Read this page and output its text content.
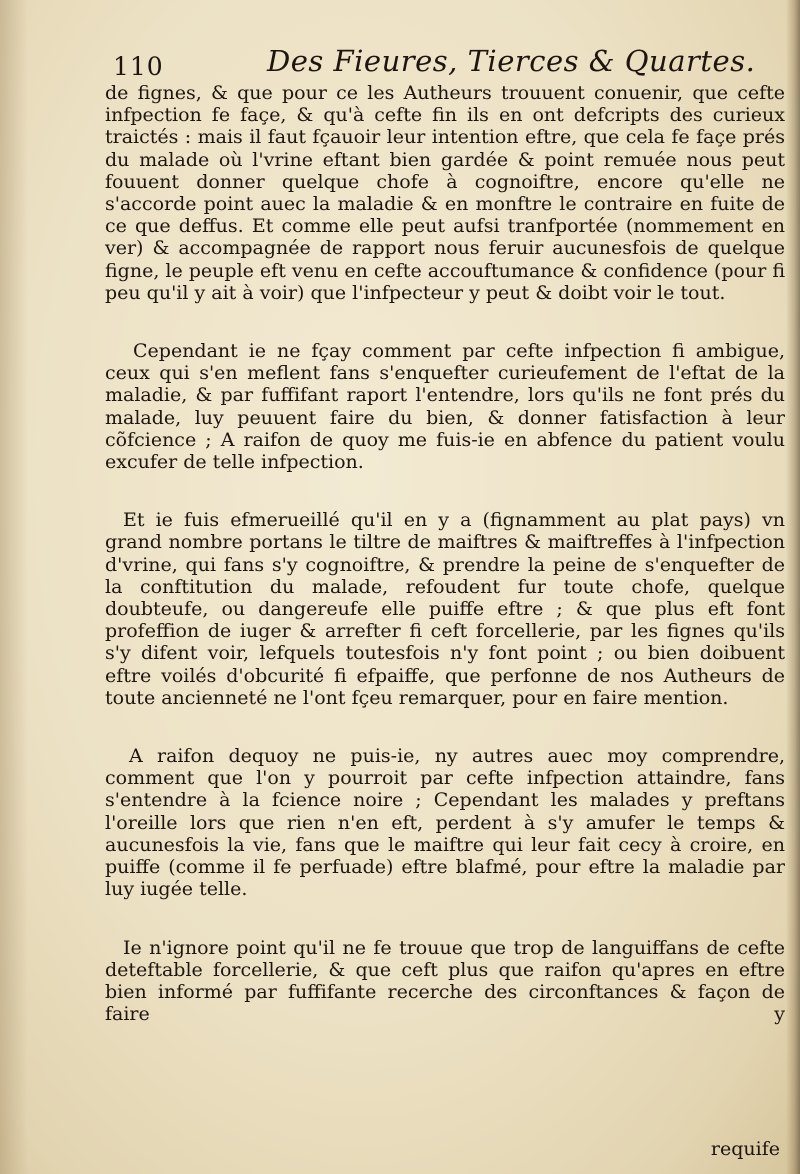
110	Des Fieures, Tierces & Quartes.

de fignes, & que pour ce les Autheurs trouuent conuenir, que cefte infpection fe façe, & qu'à cefte fin ils en ont defcripts des curieux traictés : mais il faut fçauoir leur intention eftre, que cela fe façe prés du malade où l'vrine eftant bien gardée & point remuée nous peut fouuent donner quelque chofe à cognoiftre, encore qu'elle ne s'accorde point auec la maladie & en monftre le contraire en fuite de ce que deffus. Et comme elle peut aufsi tranfportée (nommement en ver) & accompagnée de rapport nous feruir aucunesfois de quelque figne, le peuple eft venu en cefte accouftumance & confidence (pour fi peu qu'il y ait à voir) que l'infpecteur y peut & doibt voir le tout.

Cependant ie ne fçay comment par cefte infpection fi ambigue, ceux qui s'en meflent fans s'enquefter curieufement de l'eftat de la maladie, & par fuffifant raport l'entendre, lors qu'ils ne font prés du malade, luy peuuent faire du bien, & donner fatisfaction à leur cõfcience ; A raifon de quoy me fuis-ie en abfence du patient voulu excufer de telle infpection.

Et ie fuis efmerueillé qu'il en y a (fignamment au plat pays) vn grand nombre portans le tiltre de maiftres & maiftreffes à l'infpection d'vrine, qui fans s'y cognoiftre, & prendre la peine de s'enquefter de la conftitution du malade, refoudent fur toute chofe, quelque doubteufe, ou dangereufe elle puiffe eftre ; & que plus eft font profeffion de iuger & arrefter fi ceft forcellerie, par les fignes qu'ils s'y difent voir, lefquels toutesfois n'y font point ; ou bien doibuent eftre voilés d'obcurité fi efpaiffe, que perfonne de nos Autheurs de toute ancienneté ne l'ont fçeu remarquer, pour en faire mention.

A raifon dequoy ne puis-ie, ny autres auec moy comprendre, comment que l'on y pourroit par cefte infpection attaindre, fans s'entendre à la fcience noire ; Cependant les malades y preftans l'oreille lors que rien n'en eft, perdent à s'y amufer le temps & aucunesfois la vie, fans que le maiftre qui leur fait cecy à croire, en puiffe (comme il fe perfuade) eftre blafmé, pour eftre la maladie par luy iugée telle.

Ie n'ignore point qu'il ne fe trouue que trop de languiffans de cefte deteftable forcellerie, & que ceft plus que raifon qu'apres en eftre bien informé par fuffifante recerche des circonftances & façon de faire y

requife
